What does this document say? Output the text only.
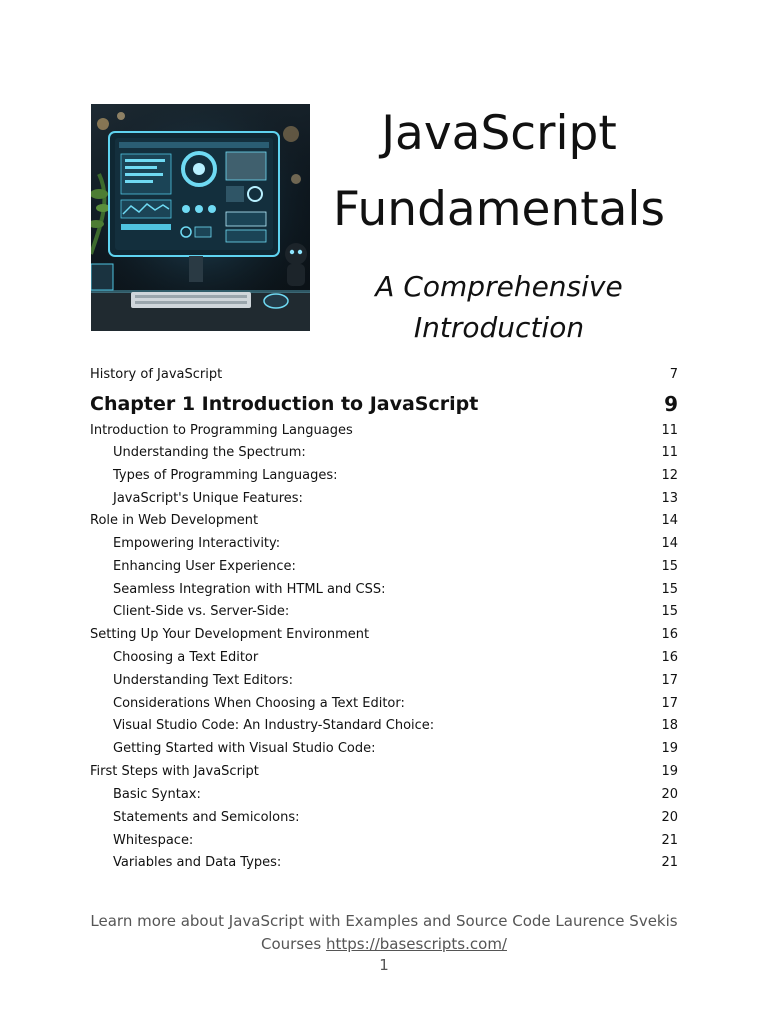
JavaScript
Fundamentals
A Comprehensive
Introduction
History of JavaScript	7
Chapter 1 Introduction to JavaScript	9
Introduction to Programming Languages	11
Understanding the Spectrum:	11
Types of Programming Languages:	12
JavaScript's Unique Features:	13
Role in Web Development	14
Empowering Interactivity:	14
Enhancing User Experience:	15
Seamless Integration with HTML and CSS:	15
Client-Side vs. Server-Side:	15
Setting Up Your Development Environment	16
Choosing a Text Editor	16
Understanding Text Editors:	17
Considerations When Choosing a Text Editor:	17
Visual Studio Code: An Industry-Standard Choice:	18
Getting Started with Visual Studio Code:	19
First Steps with JavaScript	19
Basic Syntax:	20
Statements and Semicolons:	20
Whitespace:	21
Variables and Data Types:	21
Learn more about JavaScript with Examples and Source Code Laurence Svekis
Courses https://basescripts.com/
1
